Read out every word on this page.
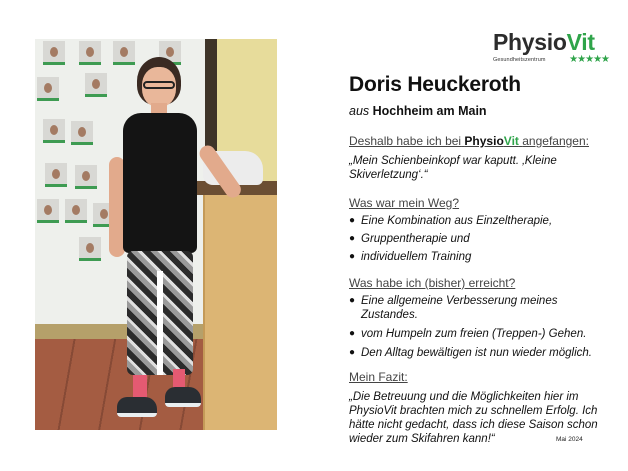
PhysioVit
Gesundheitszentrum ★★★★★
Doris Heuckeroth
aus Hochheim am Main
Deshalb habe ich bei PhysioVit angefangen:
„Mein Schienbeinkopf war kaputt. ‚Kleine Skiverletzung‘.“
Was war mein Weg?
● Eine Kombination aus Einzeltherapie,
● Gruppentherapie und
● individuellem Training
Was habe ich (bisher) erreicht?
● Eine allgemeine Verbesserung meines Zustandes.
● vom Humpeln zum freien (Treppen-) Gehen.
● Den Alltag bewältigen ist nun wieder möglich.
Mein Fazit:
„Die Betreuung und die Möglichkeiten hier im PhysioVit brachten mich zu schnellem Erfolg. Ich hätte nicht gedacht, dass ich diese Saison schon wieder zum Skifahren kann!“	Mai 2024
